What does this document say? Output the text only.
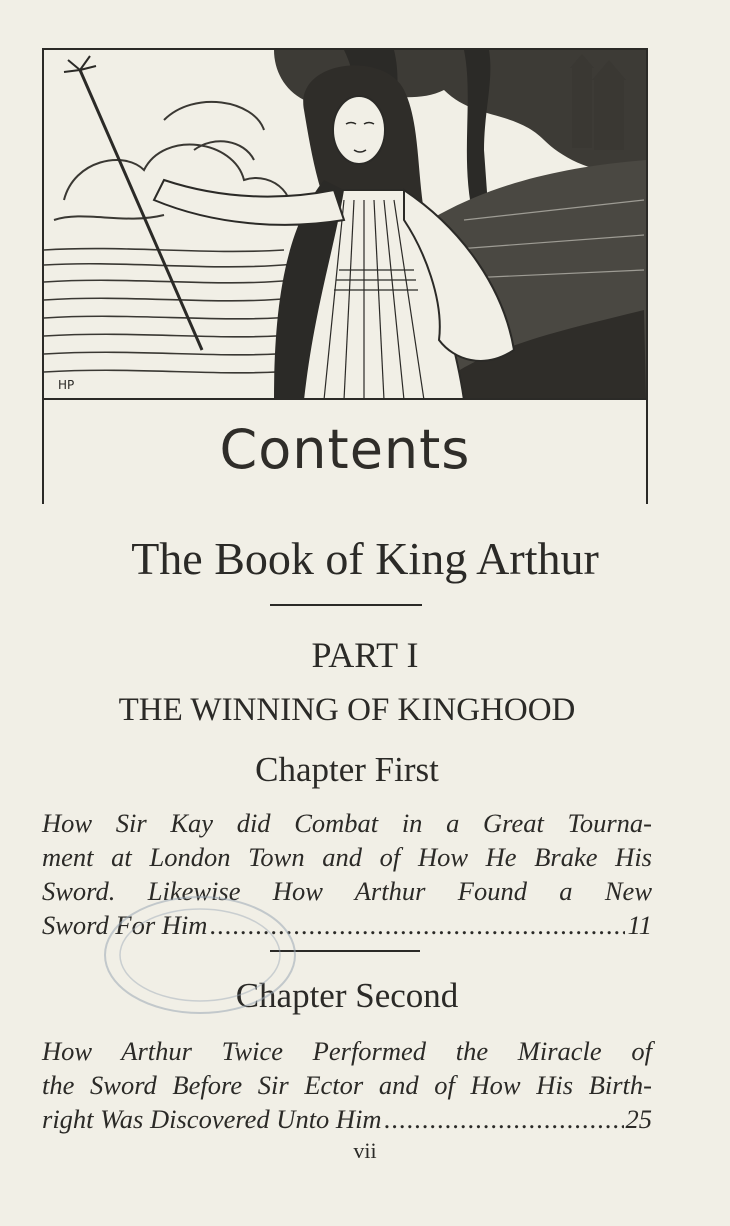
HP
Contents
The Book of King Arthur
PART I
THE WINNING OF KINGHOOD
Chapter First
How Sir Kay did Combat in a Great Tourna-
ment at London Town and of How He Brake His
Sword. Likewise How Arthur Found a New
Sword For Him .....	11
Chapter Second
How Arthur Twice Performed the Miracle of
the Sword Before Sir Ector and of How His Birth-
right Was Discovered Unto Him .....	25
vii
